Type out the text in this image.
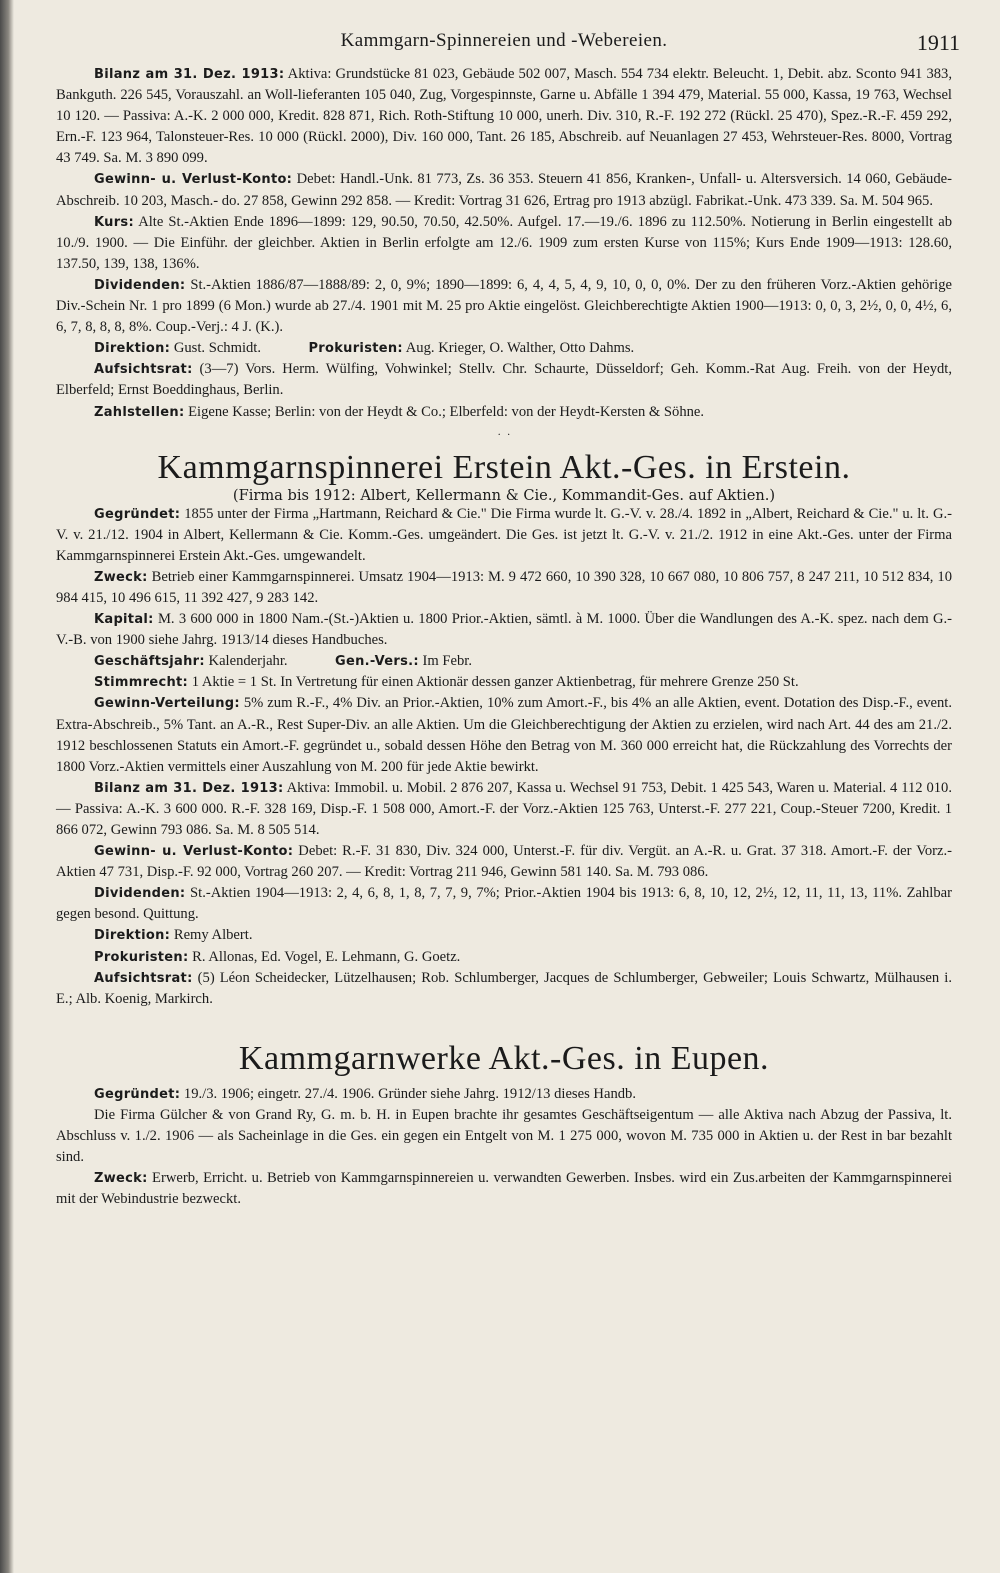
Kammgarn-Spinnereien und -Webereien.	1911

Bilanz am 31. Dez. 1913: Aktiva: Grundstücke 81 023, Gebäude 502 007, Masch. 554 734 elektr. Beleucht. 1, Debit. abz. Sconto 941 383, Bankguth. 226 545, Vorauszahl. an Woll-lieferanten 105 040, Zug, Vorgespinnste, Garne u. Abfälle 1 394 479, Material. 55 000, Kassa, 19 763, Wechsel 10 120. — Passiva: A.-K. 2 000 000, Kredit. 828 871, Rich. Roth-Stiftung 10 000, unerh. Div. 310, R.-F. 192 272 (Rückl. 25 470), Spez.-R.-F. 459 292, Ern.-F. 123 964, Talonsteuer-Res. 10 000 (Rückl. 2000), Div. 160 000, Tant. 26 185, Abschreib. auf Neuanlagen 27 453, Wehrsteuer-Res. 8000, Vortrag 43 749. Sa. M. 3 890 099.

Gewinn- u. Verlust-Konto: Debet: Handl.-Unk. 81 773, Zs. 36 353. Steuern 41 856, Kranken-, Unfall- u. Altersversich. 14 060, Gebäude-Abschreib. 10 203, Masch.- do. 27 858, Gewinn 292 858. — Kredit: Vortrag 31 626, Ertrag pro 1913 abzügl. Fabrikat.-Unk. 473 339. Sa. M. 504 965.

Kurs: Alte St.-Aktien Ende 1896—1899: 129, 90.50, 70.50, 42.50%. Aufgel. 17.—19./6. 1896 zu 112.50%. Notierung in Berlin eingestellt ab 10./9. 1900. — Die Einführ. der gleichber. Aktien in Berlin erfolgte am 12./6. 1909 zum ersten Kurse von 115%; Kurs Ende 1909—1913: 128.60, 137.50, 139, 138, 136%.

Dividenden: St.-Aktien 1886/87—1888/89: 2, 0, 9%; 1890—1899: 6, 4, 4, 5, 4, 9, 10, 0, 0, 0%. Der zu den früheren Vorz.-Aktien gehörige Div.-Schein Nr. 1 pro 1899 (6 Mon.) wurde ab 27./4. 1901 mit M. 25 pro Aktie eingelöst. Gleichberechtigte Aktien 1900—1913: 0, 0, 3, 2½, 0, 0, 4½, 6, 6, 7, 8, 8, 8, 8%. Coup.-Verj.: 4 J. (K.).

Direktion: Gust. Schmidt.	Prokuristen: Aug. Krieger, O. Walther, Otto Dahms.

Aufsichtsrat: (3—7) Vors. Herm. Wülfing, Vohwinkel; Stellv. Chr. Schaurte, Düsseldorf; Geh. Komm.-Rat Aug. Freih. von der Heydt, Elberfeld; Ernst Boeddinghaus, Berlin.

Zahlstellen: Eigene Kasse; Berlin: von der Heydt & Co.; Elberfeld: von der Heydt-Kersten & Söhne.

·  ·
Kammgarnspinnerei Erstein Akt.-Ges. in Erstein.

(Firma bis 1912: Albert, Kellermann & Cie., Kommandit-Ges. auf Aktien.)

Gegründet: 1855 unter der Firma „Hartmann, Reichard & Cie." Die Firma wurde lt. G.-V. v. 28./4. 1892 in „Albert, Reichard & Cie." u. lt. G.-V. v. 21./12. 1904 in Albert, Kellermann & Cie. Komm.-Ges. umgeändert. Die Ges. ist jetzt lt. G.-V. v. 21./2. 1912 in eine Akt.-Ges. unter der Firma Kammgarnspinnerei Erstein Akt.-Ges. umgewandelt.

Zweck: Betrieb einer Kammgarnspinnerei. Umsatz 1904—1913: M. 9 472 660, 10 390 328, 10 667 080, 10 806 757, 8 247 211, 10 512 834, 10 984 415, 10 496 615, 11 392 427, 9 283 142.

Kapital: M. 3 600 000 in 1800 Nam.-(St.-)Aktien u. 1800 Prior.-Aktien, sämtl. à M. 1000. Über die Wandlungen des A.-K. spez. nach dem G.-V.-B. von 1900 siehe Jahrg. 1913/14 dieses Handbuches.

Geschäftsjahr: Kalenderjahr.	Gen.-Vers.: Im Febr.

Stimmrecht: 1 Aktie = 1 St. In Vertretung für einen Aktionär dessen ganzer Aktienbetrag, für mehrere Grenze 250 St.

Gewinn-Verteilung: 5% zum R.-F., 4% Div. an Prior.-Aktien, 10% zum Amort.-F., bis 4% an alle Aktien, event. Dotation des Disp.-F., event. Extra-Abschreib., 5% Tant. an A.-R., Rest Super-Div. an alle Aktien. Um die Gleichberechtigung der Aktien zu erzielen, wird nach Art. 44 des am 21./2. 1912 beschlossenen Statuts ein Amort.-F. gegründet u., sobald dessen Höhe den Betrag von M. 360 000 erreicht hat, die Rückzahlung des Vorrechts der 1800 Vorz.-Aktien vermittels einer Auszahlung von M. 200 für jede Aktie bewirkt.

Bilanz am 31. Dez. 1913: Aktiva: Immobil. u. Mobil. 2 876 207, Kassa u. Wechsel 91 753, Debit. 1 425 543, Waren u. Material. 4 112 010. — Passiva: A.-K. 3 600 000. R.-F. 328 169, Disp.-F. 1 508 000, Amort.-F. der Vorz.-Aktien 125 763, Unterst.-F. 277 221, Coup.-Steuer 7200, Kredit. 1 866 072, Gewinn 793 086. Sa. M. 8 505 514.

Gewinn- u. Verlust-Konto: Debet: R.-F. 31 830, Div. 324 000, Unterst.-F. für div. Vergüt. an A.-R. u. Grat. 37 318. Amort.-F. der Vorz.-Aktien 47 731, Disp.-F. 92 000, Vortrag 260 207. — Kredit: Vortrag 211 946, Gewinn 581 140. Sa. M. 793 086.

Dividenden: St.-Aktien 1904—1913: 2, 4, 6, 8, 1, 8, 7, 7, 9, 7%; Prior.-Aktien 1904 bis 1913: 6, 8, 10, 12, 2½, 12, 11, 11, 13, 11%. Zahlbar gegen besond. Quittung.

Direktion: Remy Albert.

Prokuristen: R. Allonas, Ed. Vogel, E. Lehmann, G. Goetz.

Aufsichtsrat: (5) Léon Scheidecker, Lützelhausen; Rob. Schlumberger, Jacques de Schlumberger, Gebweiler; Louis Schwartz, Mülhausen i. E.; Alb. Koenig, Markirch.

Kammgarnwerke Akt.-Ges. in Eupen.

Gegründet: 19./3. 1906; eingetr. 27./4. 1906. Gründer siehe Jahrg. 1912/13 dieses Handb.

Die Firma Gülcher & von Grand Ry, G. m. b. H. in Eupen brachte ihr gesamtes Geschäftseigentum — alle Aktiva nach Abzug der Passiva, lt. Abschluss v. 1./2. 1906 — als Sacheinlage in die Ges. ein gegen ein Entgelt von M. 1 275 000, wovon M. 735 000 in Aktien u. der Rest in bar bezahlt sind.

Zweck: Erwerb, Erricht. u. Betrieb von Kammgarnspinnereien u. verwandten Gewerben. Insbes. wird ein Zus.arbeiten der Kammgarnspinnerei mit der Webindustrie bezweckt.
